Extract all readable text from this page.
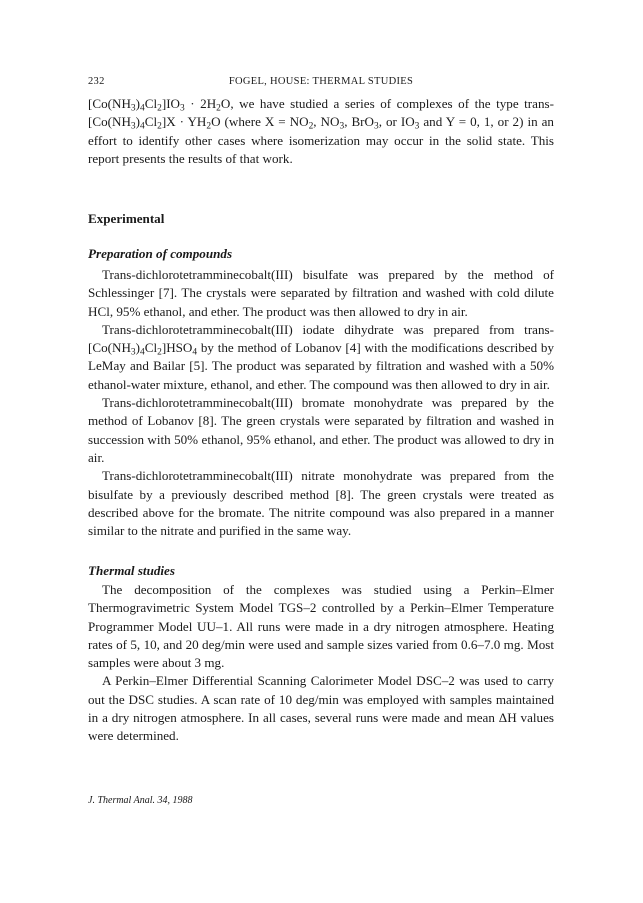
232	FOGEL, HOUSE: THERMAL STUDIES

$[Co(NH_3)_4Cl_2]IO_3 \cdot 2H_2O$, we have studied a series of complexes of the type trans-$[Co(NH_3)_4Cl_2]X \cdot YH_2O$ (where $X = NO_2$, $NO_3$, BrO$_3$, or $IO_3$ and Y = 0, 1, or 2) in an effort to identify other cases where isomerization may occur in the solid state. This report presents the results of that work.

Experimental
Preparation of compounds

Trans-dichlorotetramminecobalt(III) bisulfate was prepared by the method of Schlessinger [7]. The crystals were separated by filtration and washed with cold dilute HCl, 95% ethanol, and ether. The product was then allowed to dry in air.

Trans-dichlorotetramminecobalt(III) iodate dihydrate was prepared from trans-$[Co(NH_3)_4Cl_2]HSO_4$ by the method of Lobanov [4] with the modifications described by LeMay and Bailar [5]. The product was separated by filtration and washed with a 50% ethanol-water mixture, ethanol, and ether. The compound was then allowed to dry in air.

Trans-dichlorotetramminecobalt(III) bromate monohydrate was prepared by the method of Lobanov [8]. The green crystals were separated by filtration and washed in succession with 50% ethanol, 95% ethanol, and ether. The product was allowed to dry in air.

Trans-dichlorotetramminecobalt(III) nitrate monohydrate was prepared from the bisulfate by a previously described method [8]. The green crystals were treated as described above for the bromate. The nitrite compound was also prepared in a manner similar to the nitrate and purified in the same way.

Thermal studies

The decomposition of the complexes was studied using a Perkin–Elmer Thermogravimetric System Model TGS–2 controlled by a Perkin–Elmer Temperature Programmer Model UU–1. All runs were made in a dry nitrogen atmosphere. Heating rates of 5, 10, and 20 deg/min were used and sample sizes varied from 0.6–7.0 mg. Most samples were about 3 mg.

A Perkin–Elmer Differential Scanning Calorimeter Model DSC–2 was used to carry out the DSC studies. A scan rate of 10 deg/min was employed with samples maintained in a dry nitrogen atmosphere. In all cases, several runs were made and mean ΔH values were determined.

J. Thermal Anal. 34, 1988
